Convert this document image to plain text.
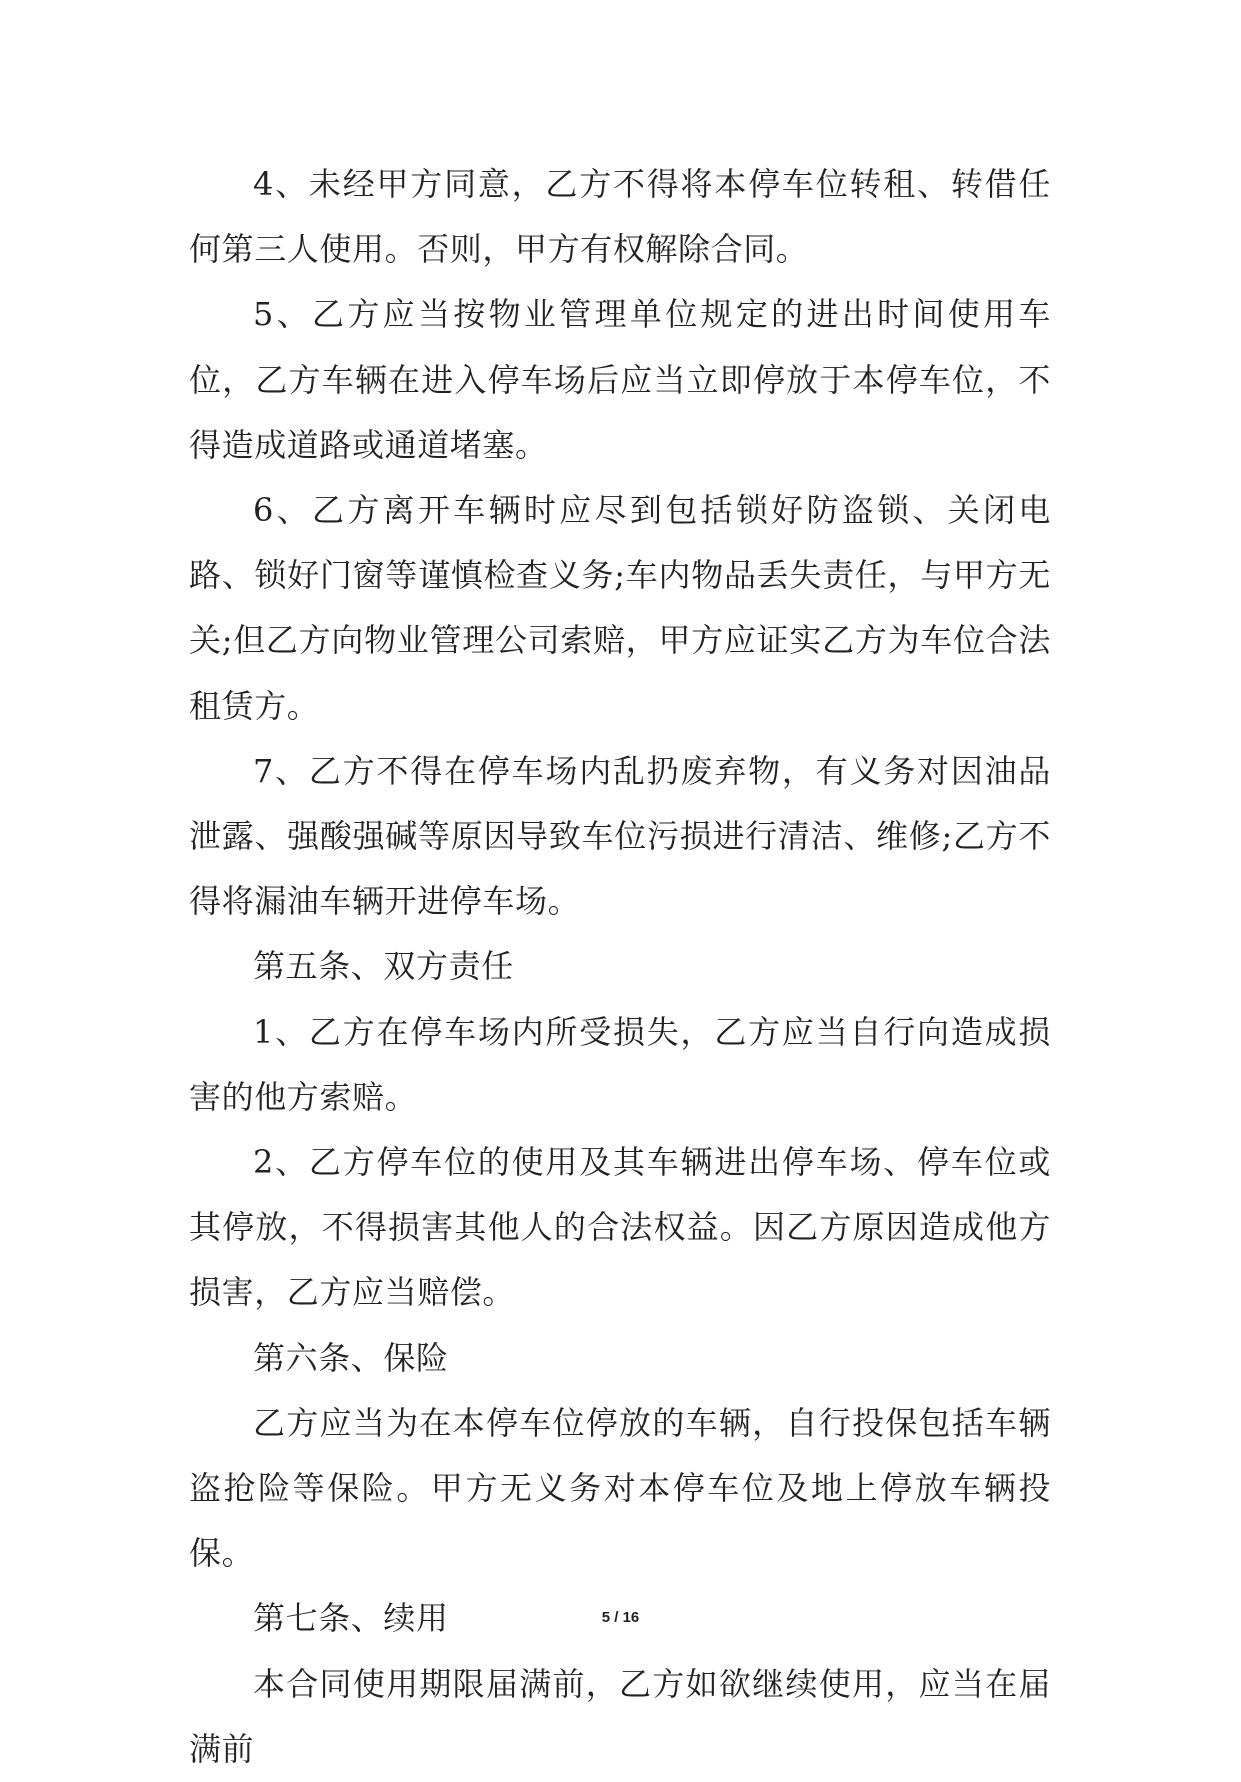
4、未经甲方同意，乙方不得将本停车位转租、转借任何第三人使用。否则，甲方有权解除合同。

5、乙方应当按物业管理单位规定的进出时间使用车位，乙方车辆在进入停车场后应当立即停放于本停车位，不得造成道路或通道堵塞。

6、乙方离开车辆时应尽到包括锁好防盗锁、关闭电路、锁好门窗等谨慎检查义务;车内物品丢失责任，与甲方无关;但乙方向物业管理公司索赔，甲方应证实乙方为车位合法租赁方。

7、乙方不得在停车场内乱扔废弃物，有义务对因油品泄露、强酸强碱等原因导致车位污损进行清洁、维修;乙方不得将漏油车辆开进停车场。

第五条、双方责任

1、乙方在停车场内所受损失，乙方应当自行向造成损害的他方索赔。

2、乙方停车位的使用及其车辆进出停车场、停车位或其停放，不得损害其他人的合法权益。因乙方原因造成他方损害，乙方应当赔偿。

第六条、保险

乙方应当为在本停车位停放的车辆，自行投保包括车辆盗抢险等保险。甲方无义务对本停车位及地上停放车辆投保。

第七条、续用

本合同使用期限届满前，乙方如欲继续使用，应当在届满前

5 / 16
